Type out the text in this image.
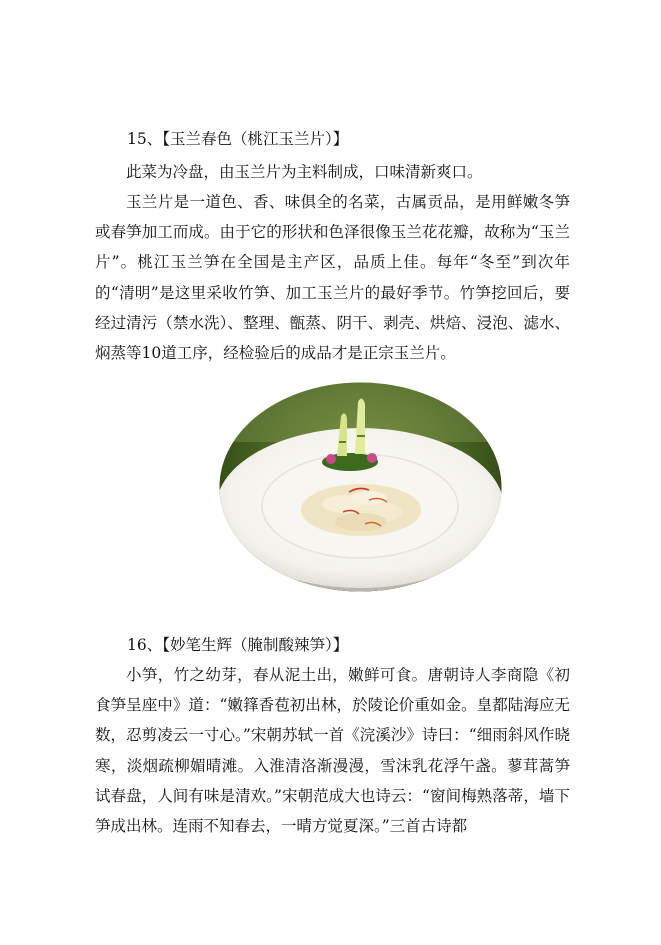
15、【玉兰春色（桃江玉兰片）】

此菜为冷盘，由玉兰片为主料制成，口味清新爽口。

玉兰片是一道色、香、味俱全的名菜，古属贡品，是用鲜嫩冬笋或春笋加工而成。由于它的形状和色泽很像玉兰花花瓣，故称为“玉兰片”。桃江玉兰笋在全国是主产区，品质上佳。每年“冬至”到次年的“清明”是这里采收竹笋、加工玉兰片的最好季节。竹笋挖回后，要经过清污（禁水洗）、整理、甑蒸、阴干、剥壳、烘焙、浸泡、滤水、焖蒸等10道工序，经检验后的成品才是正宗玉兰片。

16、【妙笔生辉（腌制酸辣笋）】

小笋，竹之幼芽，春从泥土出，嫩鲜可食。唐朝诗人李商隐《初食笋呈座中》道：“嫩箨香苞初出林，於陵论价重如金。皇都陆海应无数，忍剪凌云一寸心。”宋朝苏轼一首《浣溪沙》诗曰：“细雨斜风作晓寒，淡烟疏柳媚晴滩。入淮清洛渐漫漫，雪沫乳花浮午盏。蓼茸蒿笋试春盘，人间有味是清欢。”宋朝范成大也诗云：“窗间梅熟落蒂，墙下笋成出林。连雨不知春去，一晴方觉夏深。”三首古诗都
